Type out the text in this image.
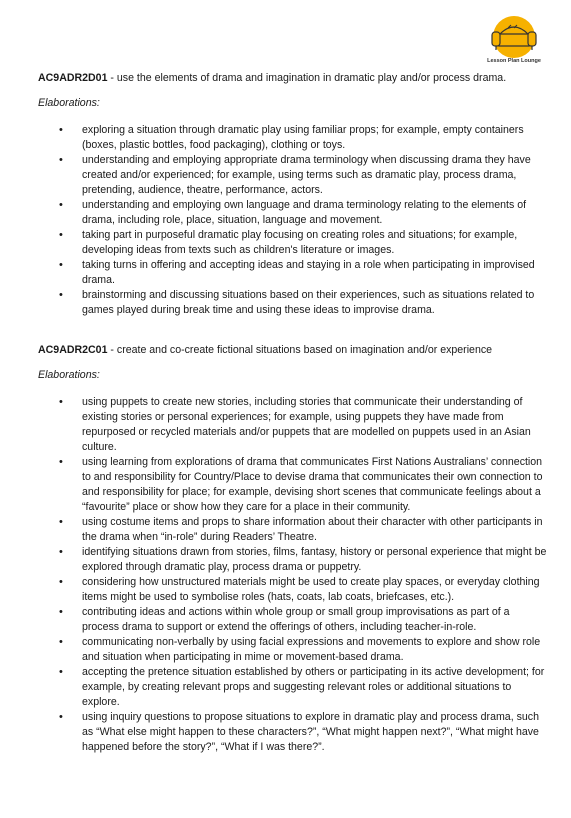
Lesson Plan Lounge

AC9ADR2D01 - use the elements of drama and imagination in dramatic play and/or process drama.

Elaborations:

• exploring a situation through dramatic play using familiar props; for example, empty containers (boxes, plastic bottles, food packaging), clothing or toys.
• understanding and employing appropriate drama terminology when discussing drama they have created and/or experienced; for example, using terms such as dramatic play, process drama, pretending, audience, theatre, performance, actors.
• understanding and employing own language and drama terminology relating to the elements of drama, including role, place, situation, language and movement.
• taking part in purposeful dramatic play focusing on creating roles and situations; for example, developing ideas from texts such as children's literature or images.
• taking turns in offering and accepting ideas and staying in a role when participating in improvised drama.
• brainstorming and discussing situations based on their experiences, such as situations related to games played during break time and using these ideas to improvise drama.

AC9ADR2C01 - create and co-create fictional situations based on imagination and/or experience

Elaborations:

• using puppets to create new stories, including stories that communicate their understanding of existing stories or personal experiences; for example, using puppets they have made from repurposed or recycled materials and/or puppets that are modelled on puppets used in an Asian culture.
• using learning from explorations of drama that communicates First Nations Australians’ connection to and responsibility for Country/Place to devise drama that communicates their own connection to and responsibility for place; for example, devising short scenes that communicate feelings about a “favourite” place or show how they care for a place in their community.
• using costume items and props to share information about their character with other participants in the drama when “in-role” during Readers’ Theatre.
• identifying situations drawn from stories, films, fantasy, history or personal experience that might be explored through dramatic play, process drama or puppetry.
• considering how unstructured materials might be used to create play spaces, or everyday clothing items might be used to symbolise roles (hats, coats, lab coats, briefcases, etc.).
• contributing ideas and actions within whole group or small group improvisations as part of a process drama to support or extend the offerings of others, including teacher-in-role.
• communicating non-verbally by using facial expressions and movements to explore and show role and situation when participating in mime or movement-based drama.
• accepting the pretence situation established by others or participating in its active development; for example, by creating relevant props and suggesting relevant roles or additional situations to explore.
• using inquiry questions to propose situations to explore in dramatic play and process drama, such as “What else might happen to these characters?”, “What might happen next?”, “What might have happened before the story?”, “What if I was there?”.
